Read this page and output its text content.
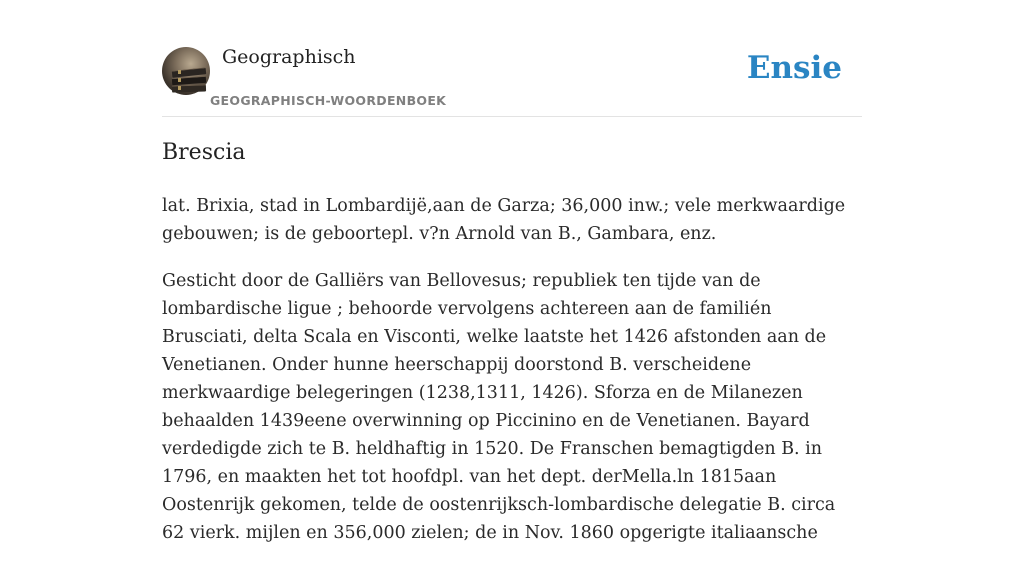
Geographisch
GEOGRAPHISCH-WOORDENBOEK
Ensie
Brescia

lat. Brixia, stad in Lombardijë,aan de Garza; 36,000 inw.; vele merkwaardige gebouwen; is de geboortepl. v?n Arnold van B., Gambara, enz.

Gesticht door de Galliërs van Bellovesus; republiek ten tijde van de lombardische ligue ; behoorde vervolgens achtereen aan de familién Brusciati, delta Scala en Visconti, welke laatste het 1426 afstonden aan de Venetianen. Onder hunne heerschappij doorstond B. verscheidene merkwaardige belegeringen (1238,1311, 1426). Sforza en de Milanezen behaalden 1439eene overwinning op Piccinino en de Venetianen. Bayard verdedigde zich te B. heldhaftig in 1520. De Franschen bemagtigden B. in 1796, en maakten het tot hoofdpl. van het dept. derMella.ln 1815aan Oostenrijk gekomen, telde de oostenrijksch-lombardische delegatie B. circa 62 vierk. mijlen en 356,000 zielen; de in Nov. 1860 opgerigte italiaansche
